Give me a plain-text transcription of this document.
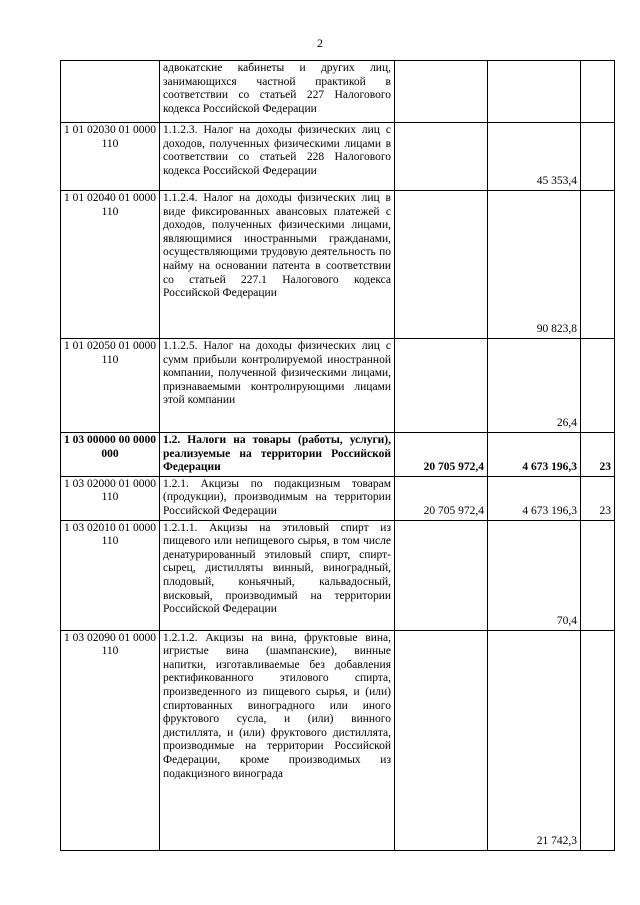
2
	адвокатские кабинеты и других лиц, занимающихся частной практикой в соответствии со статьей 227 Налогового кодекса Российской Федерации			
1 01 02030 01 0000 110	1.1.2.3. Налог на доходы физических лиц с доходов, полученных физическими лицами в соответствии со статьей 228 Налогового кодекса Российской Федерации		45 353,4	
1 01 02040 01 0000 110	1.1.2.4. Налог на доходы физических лиц в виде фиксированных авансовых платежей с доходов, полученных физическими лицами, являющимися иностранными гражданами, осуществляющими трудовую деятельность по найму на основании патента в соответствии со статьей 227.1 Налогового кодекса Российской Федерации		90 823,8	
1 01 02050 01 0000 110	1.1.2.5. Налог на доходы физических лиц с сумм прибыли контролируемой иностранной компании, полученной физическими лицами, признаваемыми контролирующими лицами этой компании		26,4	
1 03 00000 00 0000 000	1.2. Налоги на товары (работы, услуги), реализуемые на территории Российской Федерации	20 705 972,4	4 673 196,3	23
1 03 02000 01 0000 110	1.2.1. Акцизы по подакцизным товарам (продукции), производимым на территории Российской Федерации	20 705 972,4	4 673 196,3	23
1 03 02010 01 0000 110	1.2.1.1. Акцизы на этиловый спирт из пищевого или непищевого сырья, в том числе денатурированный этиловый спирт, спирт-сырец, дистилляты винный, виноградный, плодовый, коньячный, кальвадосный, висковый, производимый на территории Российской Федерации		70,4	
1 03 02090 01 0000 110	1.2.1.2. Акцизы на вина, фруктовые вина, игристые вина (шампанские), винные напитки, изготавливаемые без добавления ректификованного этилового спирта, произведенного из пищевого сырья, и (или) спиртованных виноградного или иного фруктового сусла, и (или) винного дистиллята, и (или) фруктового дистиллята, производимые на территории Российской Федерации, кроме производимых из подакцизного винограда		21 742,3	
